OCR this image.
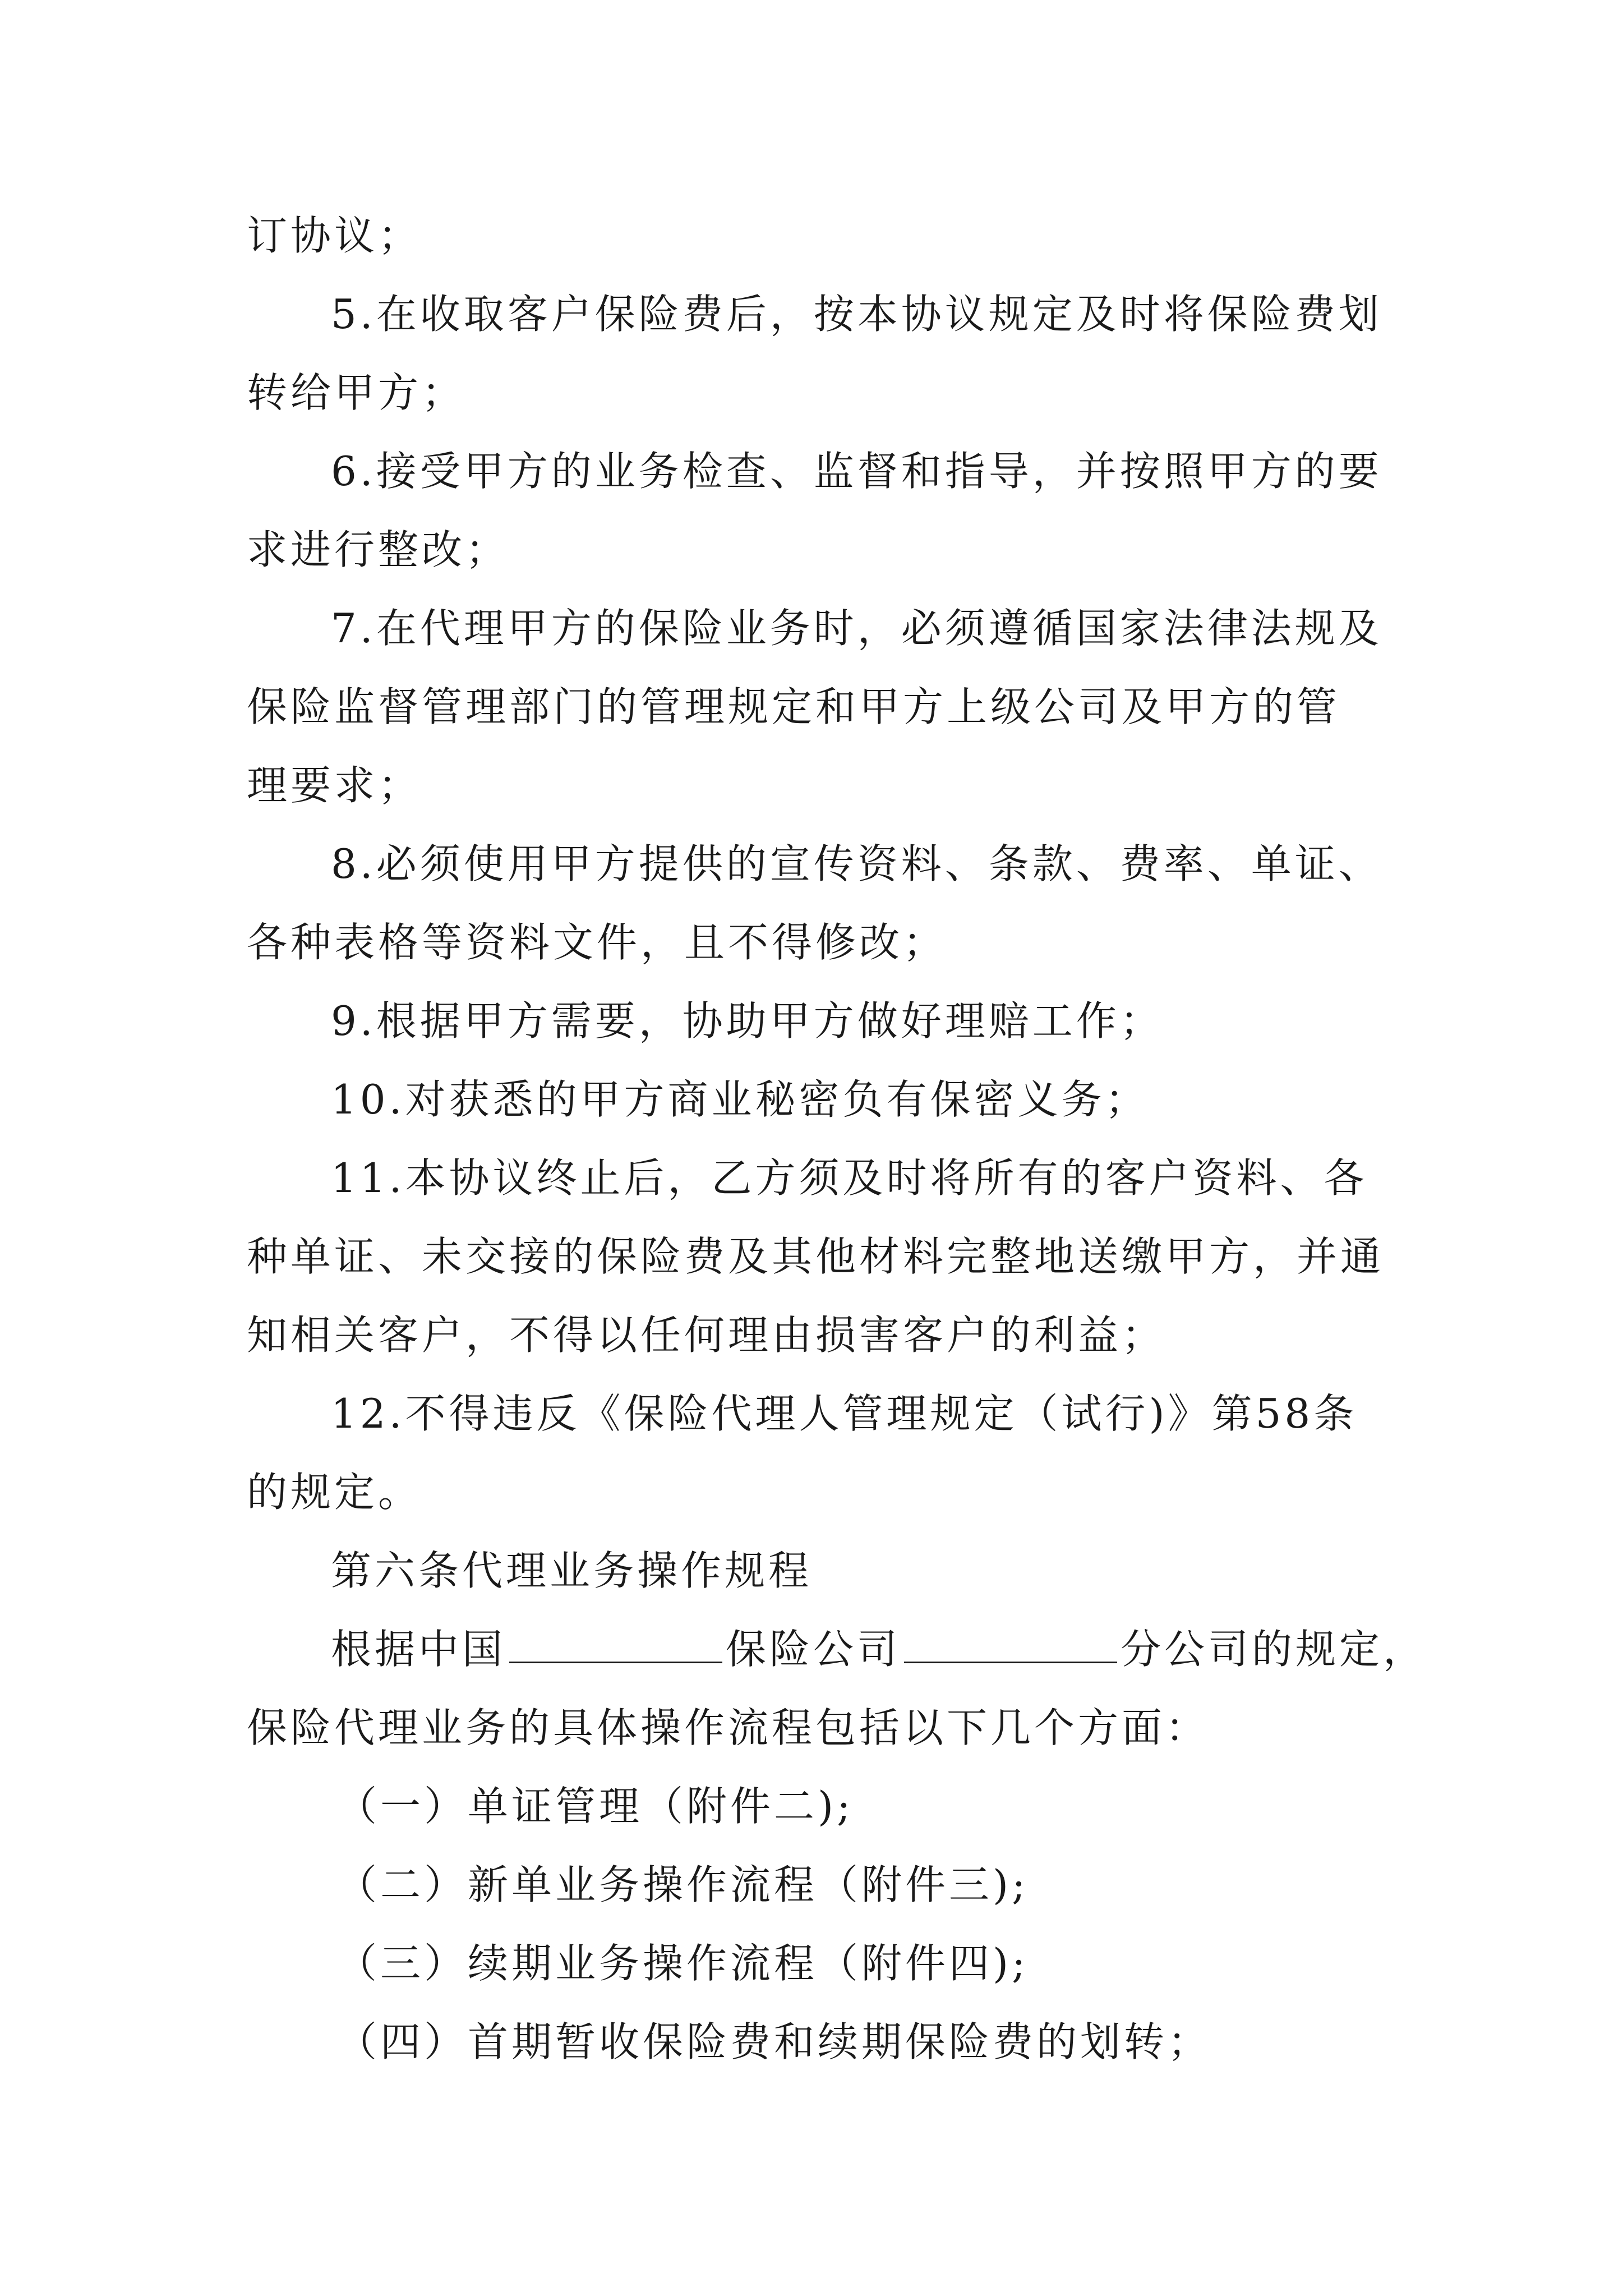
订协议；
5.在收取客户保险费后，按本协议规定及时将保险费划
转给甲方；
6.接受甲方的业务检查、监督和指导，并按照甲方的要
求进行整改；
7.在代理甲方的保险业务时，必须遵循国家法律法规及
保险监督管理部门的管理规定和甲方上级公司及甲方的管
理要求；
8.必须使用甲方提供的宣传资料、条款、费率、单证、
各种表格等资料文件，且不得修改；
9.根据甲方需要，协助甲方做好理赔工作；
10.对获悉的甲方商业秘密负有保密义务；
11.本协议终止后，乙方须及时将所有的客户资料、各
种单证、未交接的保险费及其他材料完整地送缴甲方，并通
知相关客户，不得以任何理由损害客户的利益；
12.不得违反《保险代理人管理规定（试行)》第58条
的规定。
第六条代理业务操作规程
根据中国	保险公司	分公司的规定，
保险代理业务的具体操作流程包括以下几个方面：
（一）单证管理（附件二);
（二）新单业务操作流程（附件三);
（三）续期业务操作流程（附件四);
（四）首期暂收保险费和续期保险费的划转；
